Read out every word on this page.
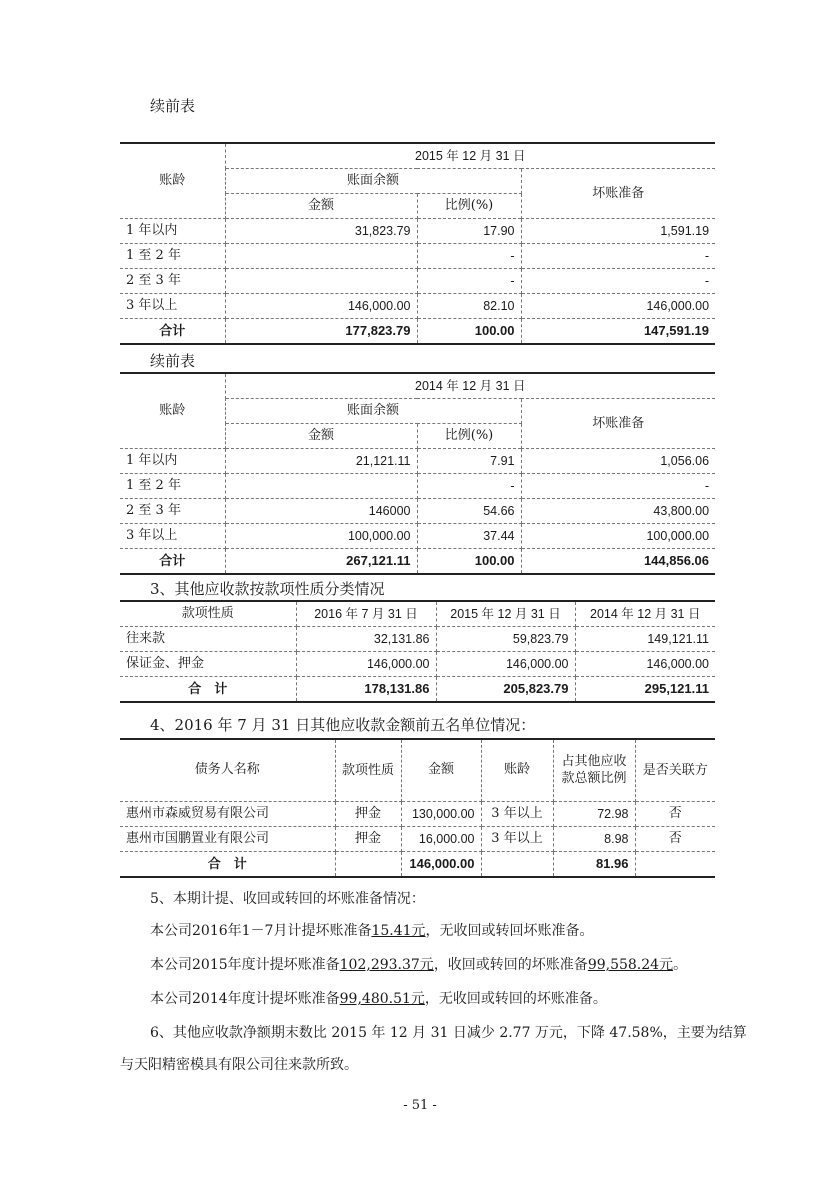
续前表
账龄	2015 年 12 月 31 日		
	账面余额		坏账准备
	金额	比例(%)	
1 年以内	31,823.79	17.90	1,591.19
1 至 2 年		-	-
2 至 3 年		-	-
3 年以上	146,000.00	82.10	146,000.00
合计	177,823.79	100.00	147,591.19
续前表
账龄	2014 年 12 月 31 日		
	账面余额		坏账准备
	金额	比例(%)	
1 年以内	21,121.11	7.91	1,056.06
1 至 2 年		-	-
2 至 3 年	146000	54.66	43,800.00
3 年以上	100,000.00	37.44	100,000.00
合计	267,121.11	100.00	144,856.06
3、其他应收款按款项性质分类情况
款项性质	2016 年 7 月 31 日	2015 年 12 月 31 日	2014 年 12 月 31 日
往来款	32,131.86	59,823.79	149,121.11
保证金、押金	146,000.00	146,000.00	146,000.00
合　计	178,131.86	205,823.79	295,121.11
4、2016 年 7 月 31 日其他应收款金额前五名单位情况：
债务人名称	款项性质	金额	账龄	占其他应收款总额比例	是否关联方
惠州市森威贸易有限公司	押金	130,000.00	3 年以上	72.98	否
惠州市国鹏置业有限公司	押金	16,000.00	3 年以上	8.98	否
合　计		146,000.00		81.96	
5、本期计提、收回或转回的坏账准备情况：
本公司2016年1－7月计提坏账准备15.41元，无收回或转回坏账准备。
本公司2015年度计提坏账准备102,293.37元，收回或转回的坏账准备99,558.24元。
本公司2014年度计提坏账准备99,480.51元，无收回或转回的坏账准备。
6、其他应收款净额期末数比 2015 年 12 月 31 日减少 2.77 万元，下降 47.58%，主要为结算
与天阳精密模具有限公司往来款所致。
- 51 -
